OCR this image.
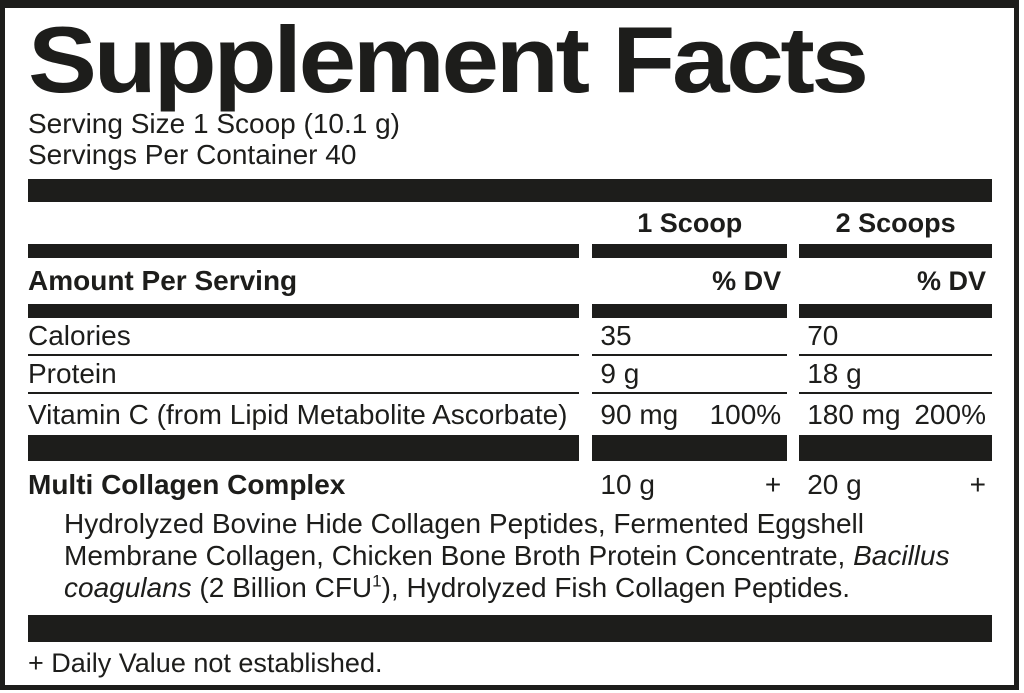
Supplement Facts
Serving Size 1 Scoop (10.1 g)
Servings Per Container 40
1 Scoop	2 Scoops
Amount Per Serving	% DV	% DV
Calories	35	70
Protein	9 g	18 g
Vitamin C (from Lipid Metabolite Ascorbate)	90 mg 100% 180 mg 200%
Multi Collagen Complex	10 g	+ 20 g	+
Hydrolyzed Bovine Hide Collagen Peptides, Fermented Eggshell Membrane Collagen, Chicken Bone Broth Protein Concentrate, Bacillus coagulans (2 Billion CFU$^1$), Hydrolyzed Fish Collagen Peptides.
+ Daily Value not established.
